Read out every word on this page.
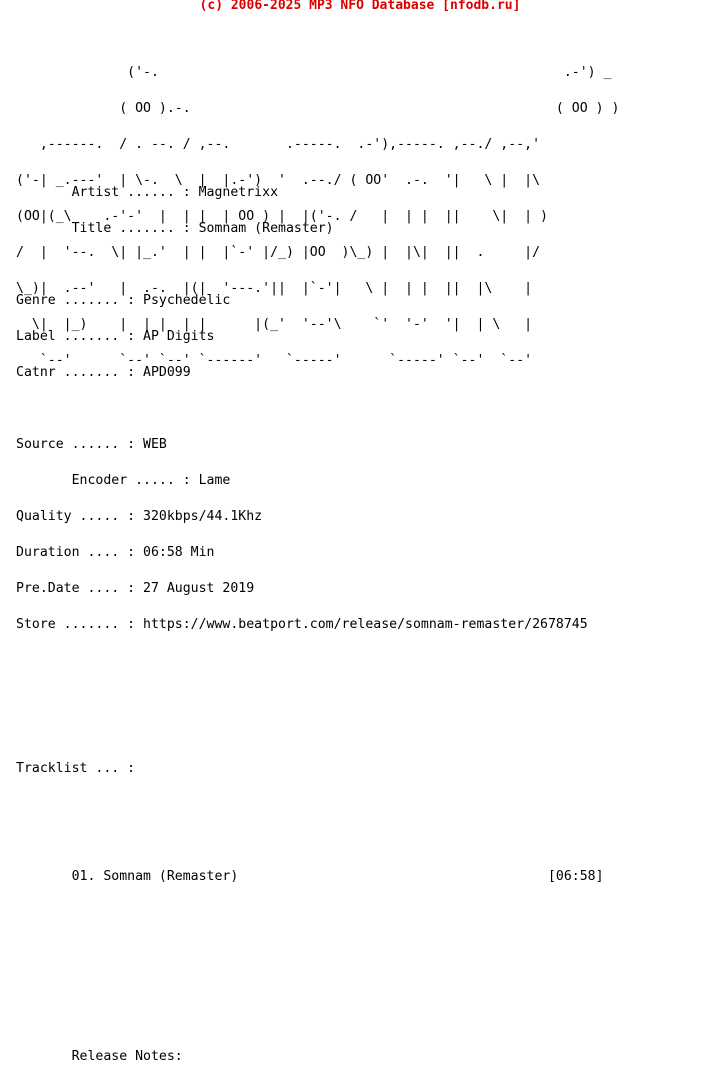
(c) 2006-2025 MP3 NFO Database [nfodb.ru]

('-.                                                   .-') _

( OO ).-.                                              ( OO ) )

,------.  / . --. / ,--.       .-----.  .-'),-----. ,--./ ,--,'

('-| _.---'  | \-.  \  |  |.-')  '  .--./ ( OO'  .-.  '|   \ |  |\

(OO|(_\    .-'-'  |  | |  | OO ) |  |('-. /   |  | |  ||    \|  | )

/  |  '--.  \| |_.'  | |  |`-' |/_) |OO  )\_) |  |\|  ||  .     |/

\_)|  .--'   |  .-.  |(|  '---.'||  |`-'|   \ |  | |  ||  |\    |

\|  |_)    |  | |  | |      |(_'  '--'\    `'  '-'  '|  | \   |

`--'      `--' `--' `------'   `-----'      `-----' `--'  `--'

Artist ...... : Magnetrixx

Title ....... : Somnam (Remaster)

Genre ....... : Psychedelic

Label ....... : AP Digits

Catnr ....... : APD099

Source ...... : WEB

Encoder ..... : Lame

Quality ..... : 320kbps/44.1Khz

Duration .... : 06:58 Min

Pre.Date .... : 27 August 2019

Store ....... : https://www.beatport.com/release/somnam-remaster/2678745

Tracklist ... :

01. Somnam (Remaster)                                       [06:58]

Release Notes:
